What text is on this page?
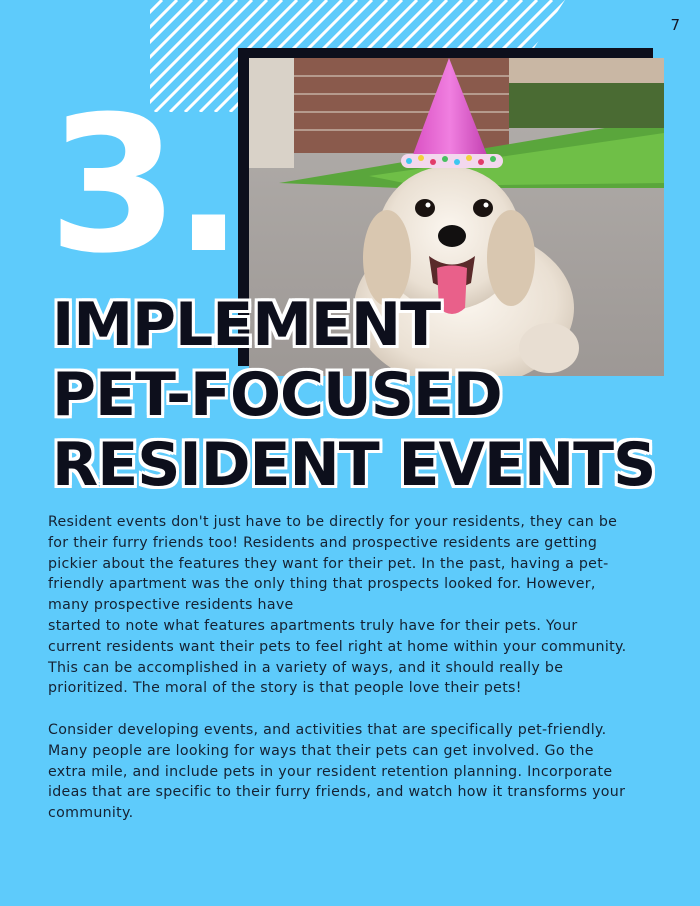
7
3.
IMPLEMENT
PET-FOCUSED
RESIDENT EVENTS

Resident events don't just have to be directly for your residents, they can be

for their furry friends too! Residents and prospective residents are getting

pickier about the features they want for their pet. In the past, having a pet-

friendly apartment was the only thing that prospects looked for. However,

many prospective residents have

started to note what features apartments truly have for their pets. Your

current residents want their pets to feel right at home within your community.

This can be accomplished in a variety of ways, and it should really be

prioritized. The moral of the story is that people love their pets!

Consider developing events, and activities that are specifically pet-friendly.

Many people are looking for ways that their pets can get involved. Go the

extra mile, and include pets in your resident retention planning. Incorporate

ideas that are specific to their furry friends, and watch how it transforms your

community.
